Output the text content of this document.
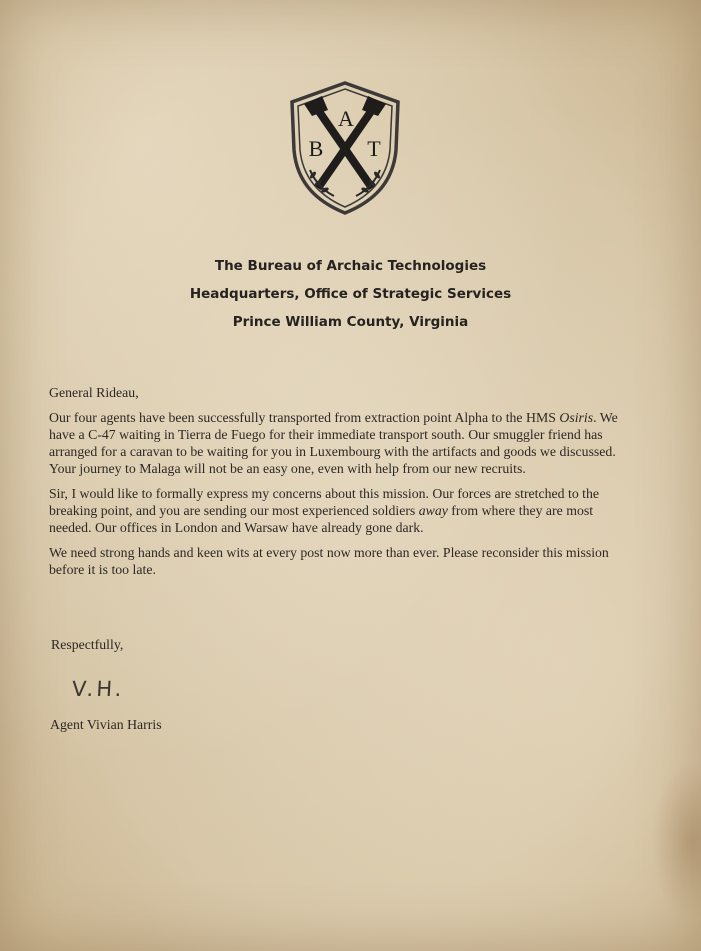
A
B T
The Bureau of Archaic Technologies
Headquarters, Office of Strategic Services
Prince William County, Virginia

General Rideau,

Our four agents have been successfully transported from extraction point Alpha to the HMS Osiris. We have a C-47 waiting in Tierra de Fuego for their immediate transport south. Our smuggler friend has arranged for a caravan to be waiting for you in Luxembourg with the artifacts and goods we discussed. Your journey to Malaga will not be an easy one, even with help from our new recruits.

Sir, I would like to formally express my concerns about this mission. Our forces are stretched to the breaking point, and you are sending our most experienced soldiers away from where they are most needed. Our offices in London and Warsaw have already gone dark.

We need strong hands and keen wits at every post now more than ever. Please reconsider this mission before it is too late.

Respectfully,
V.H.
Agent Vivian Harris
